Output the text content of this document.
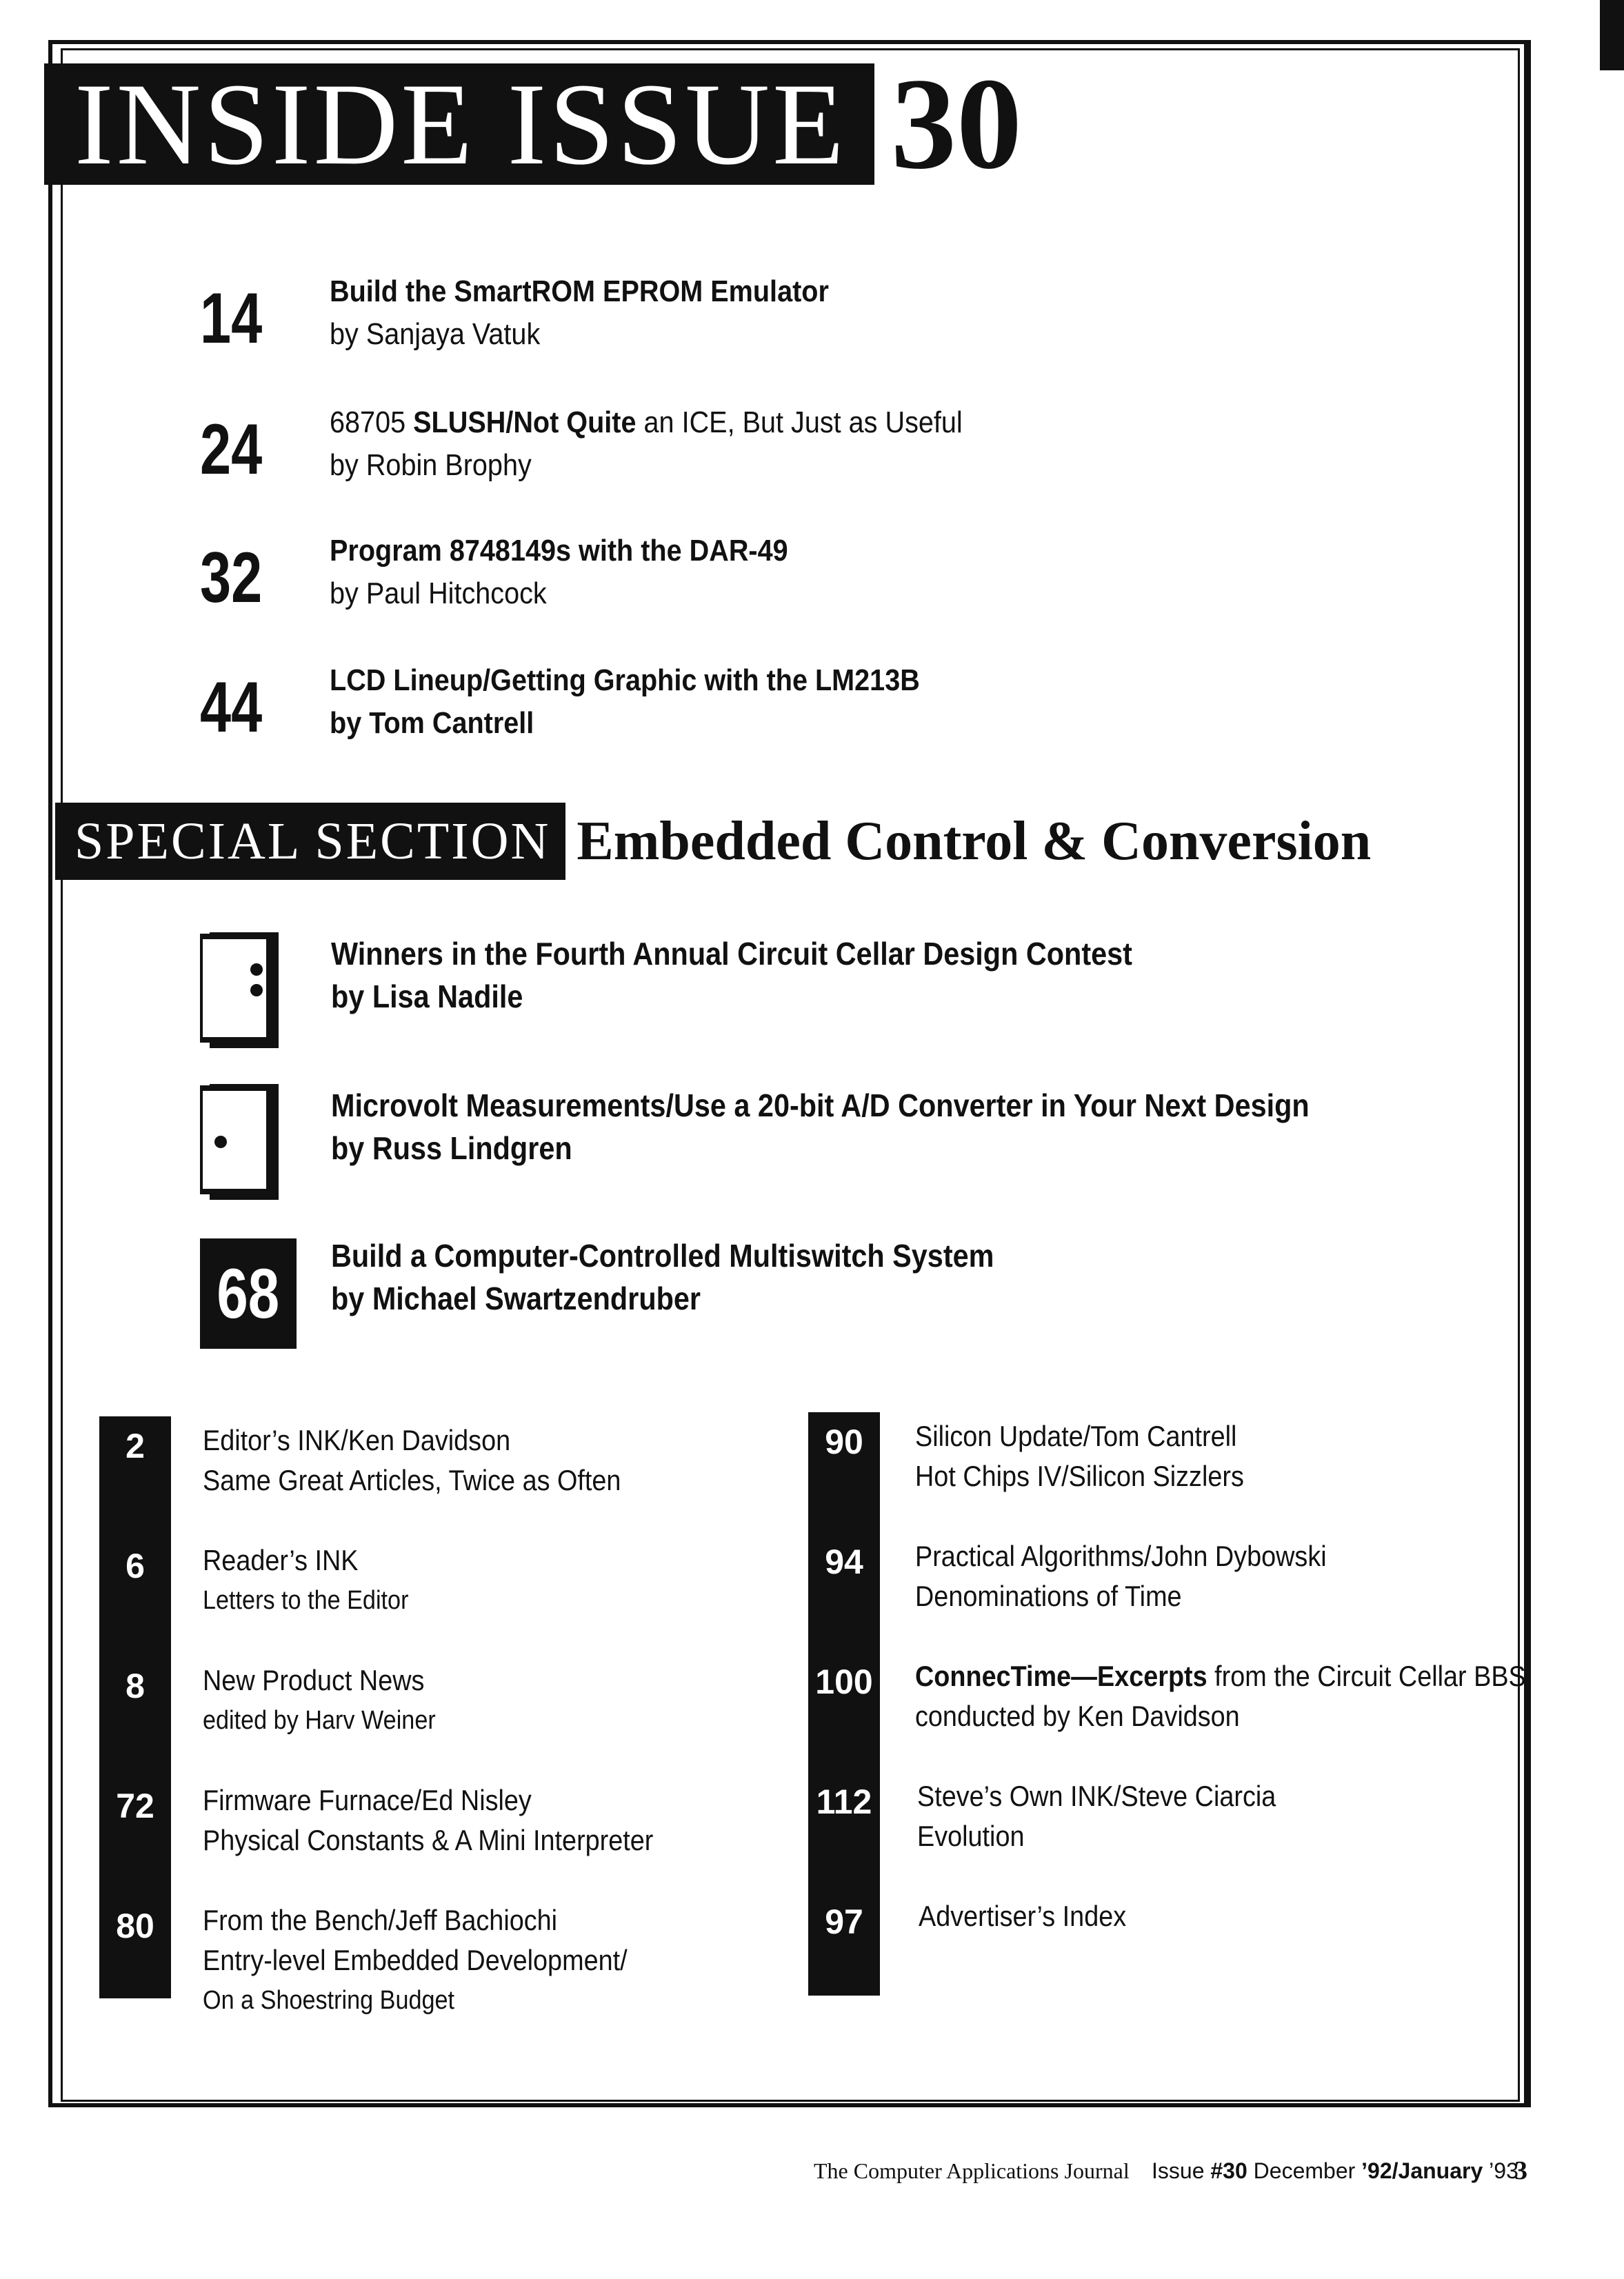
INSIDE ISSUE 30
14 Build the SmartROM EPROM Emulator
by Sanjaya Vatuk
24 68705 SLUSH/Not Quite an ICE, But Just as Useful
by Robin Brophy
32 Program 8748149s with the DAR-49
by Paul Hitchcock
44 LCD Lineup/Getting Graphic with the LM213B
by Tom Cantrell
SPECIAL SECTION Embedded Control & Conversion
Winners in the Fourth Annual Circuit Cellar Design Contest
by Lisa Nadile
Microvolt Measurements/Use a 20-bit A/D Converter in Your Next Design
by Russ Lindgren
68 Build a Computer-Controlled Multiswitch System
by Michael Swartzendruber
2	Editor’s INK/Ken Davidson
Same Great Articles, Twice as Often
6	Reader’s INK
Letters to the Editor
8	New Product News
edited by Harv Weiner
72	Firmware Furnace/Ed Nisley
Physical Constants & A Mini Interpreter
80	From the Bench/Jeff Bachiochi
Entry-level Embedded Development/
On a Shoestring Budget
90	Silicon Update/Tom Cantrell
Hot Chips IV/Silicon Sizzlers
94	Practical Algorithms/John Dybowski
Denominations of Time
100 ConnecTime—Excerpts from the Circuit Cellar BBS
conducted by Ken Davidson
112 Steve’s Own INK/Steve Ciarcia
Evolution
97	Advertiser’s Index
The Computer Applications Journal Issue #30 December ’92/January ’93
3
